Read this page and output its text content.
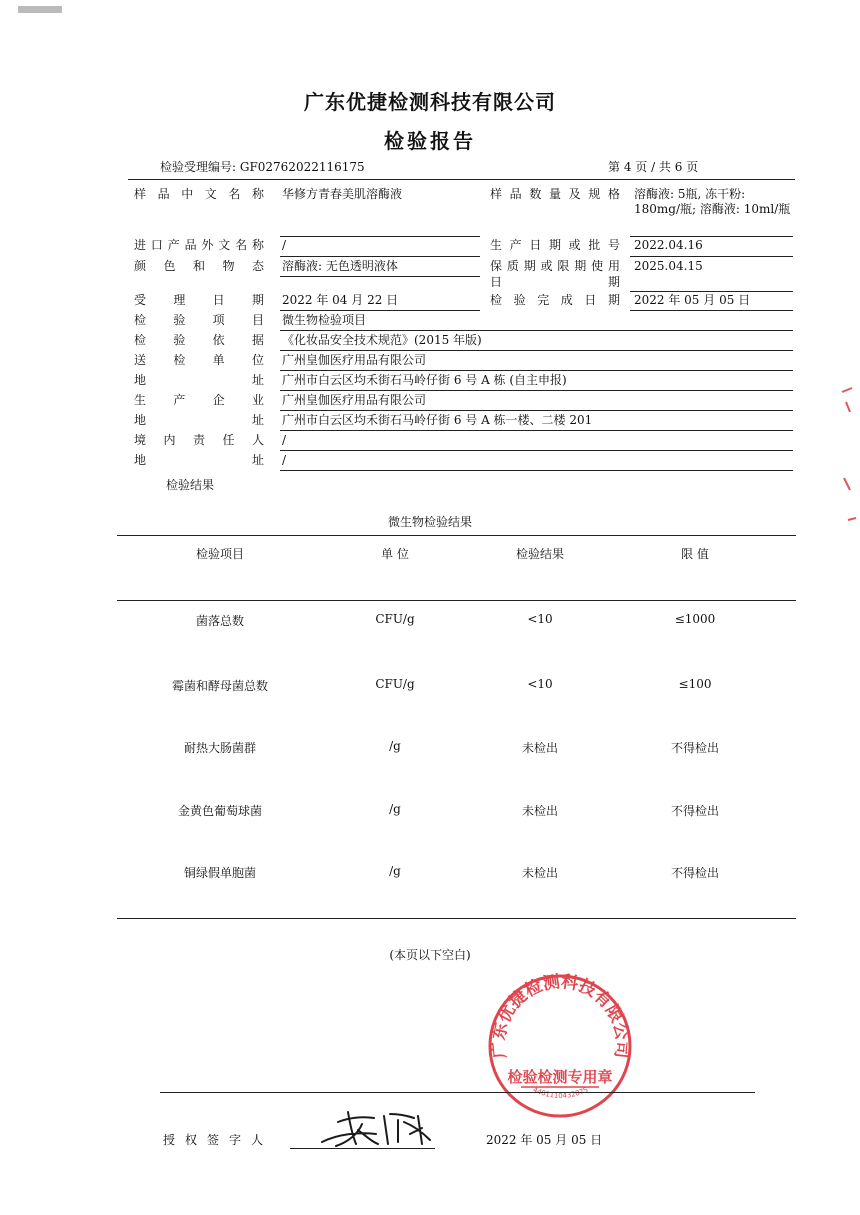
广东优捷检测科技有限公司
检验报告
检验受理编号: GF02762022116175	第 4 页 / 共 6 页
样品中文名称 华修方青春美肌溶酶液	样品数量及规格 溶酶液: 5瓶, 冻干粉: 180mg/瓶; 溶酶液: 10ml/瓶
进口产品外文名称 /	生产日期或批号 2022.04.16
颜色和物态 溶酶液: 无色透明液体	保质期或限期使用 2025.04.15
日	期
受理日期 2022 年 04 月 22 日	检验完成日期 2022 年 05 月 05 日
检验项目 微生物检验项目
检验依据 《化妆品安全技术规范》(2015 年版)
送检单位 广州皇伽医疗用品有限公司
地址 广州市白云区均禾街石马岭仔街 6 号 A 栋 (自主申报)
生产企业 广州皇伽医疗用品有限公司
地址 广州市白云区均禾街石马岭仔街 6 号 A 栋一楼、二楼 201
境内责任人 /
地址 /
检验结果
微生物检验结果
检验项目	单 位	检验结果	限 值
菌落总数	CFU/g	<10	≤1000
霉菌和酵母菌总数	CFU/g	<10	≤100
耐热大肠菌群	/g	未检出	不得检出
金黄色葡萄球菌	/g	未检出	不得检出
铜绿假单胞菌	/g	未检出	不得检出
(本页以下空白)
广东优捷检测科技有限公司
检验检测专用章
4401110432075
授权签字人	2022 年 05 月 05 日
